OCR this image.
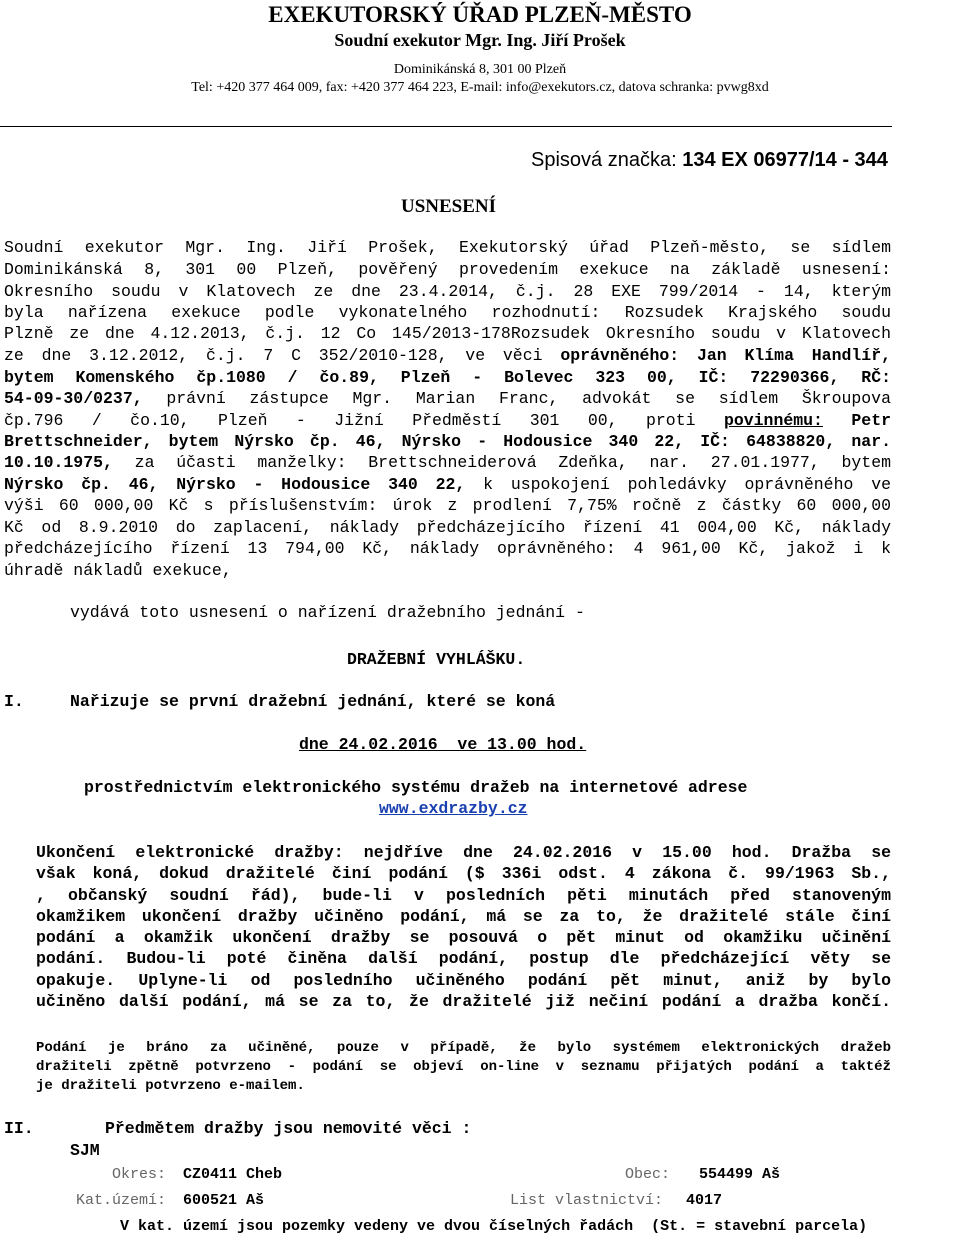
EXEKUTORSKÝ ÚŘAD PLZEŇ-MĚSTO
Soudní exekutor Mgr. Ing. Jiří Prošek
Dominikánská 8, 301 00 Plzeň
Tel: +420 377 464 009, fax: +420 377 464 223, E-mail: info@exekutors.cz, datova schranka: pvwg8xd
Spisová značka: 134 EX 06977/14 - 344
USNESENÍ
Soudní exekutor Mgr. Ing. Jiří Prošek, Exekutorský úřad Plzeň-město, se sídlem
Dominikánská 8, 301 00 Plzeň, pověřený provedením exekuce na základě usnesení:
Okresního soudu v Klatovech ze dne 23.4.2014, č.j. 28 EXE 799/2014 - 14, kterým
byla nařízena exekuce podle vykonatelného rozhodnutí: Rozsudek Krajského soudu
Plzně ze dne 4.12.2013, č.j. 12 Co 145/2013-178Rozsudek Okresního soudu v Klatovech
ze dne 3.12.2012, č.j. 7 C 352/2010-128, ve věci oprávněného: Jan Klíma Handlíř,
bytem Komenského čp.1080 / čo.89, Plzeň - Bolevec 323 00, IČ: 72290366, RČ:
54-09-30/0237, právní zástupce Mgr. Marian Franc, advokát se sídlem Škroupova
čp.796 / čo.10, Plzeň - Jižní Předměstí 301 00, proti povinnému: Petr
Brettschneider, bytem Nýrsko čp. 46, Nýrsko - Hodousice 340 22, IČ: 64838820, nar.
10.10.1975, za účasti manželky: Brettschneiderová Zdeňka, nar. 27.01.1977, bytem
Nýrsko čp. 46, Nýrsko - Hodousice 340 22, k uspokojení pohledávky oprávněného ve
výši 60 000,00 Kč s příslušenstvím: úrok z prodlení 7,75% ročně z částky 60 000,00
Kč od 8.9.2010 do zaplacení, náklady předcházejícího řízení 41 004,00 Kč, náklady
předcházejícího řízení 13 794,00 Kč, náklady oprávněného: 4 961,00 Kč, jakož i k
úhradě nákladů exekuce,
vydává toto usnesení o nařízení dražebního jednání -
DRAŽEBNÍ VYHLÁŠKU.
I.	Nařizuje se první dražební jednání, které se koná
dne 24.02.2016  ve 13.00 hod.
prostřednictvím elektronického systému dražeb na internetové adrese
www.exdrazby.cz
Ukončení elektronické dražby: nejdříve dne 24.02.2016 v 15.00 hod. Dražba se
však koná, dokud dražitelé činí podání ($ 336i odst. 4 zákona č. 99/1963 Sb.,
, občanský soudní řád), bude-li v posledních pěti minutách před stanoveným
okamžikem ukončení dražby učiněno podání, má se za to, že dražitelé stále činí
podání a okamžik ukončení dražby se posouvá o pět minut od okamžiku učinění
podání. Budou-li poté činěna další podání, postup dle předcházející věty se
opakuje. Uplyne-li od posledního učiněného podání pět minut, aniž by bylo
učiněno další podání, má se za to, že dražitelé již nečiní podání a dražba končí.
Podání je bráno za učiněné, pouze v případě, že bylo systémem elektronických dražeb
dražiteli zpětně potvrzeno - podání se objeví on-line v seznamu přijatých podání a taktéž
je dražiteli potvrzeno e-mailem.
II.	Předmětem dražby jsou nemovité věci :
SJM
Okres: CZ0411 Cheb	Obec: 554499 Aš
Kat.území: 600521 Aš	List vlastnictví: 4017
V kat. území jsou pozemky vedeny ve dvou číselných řadách  (St. = stavební parcela)
